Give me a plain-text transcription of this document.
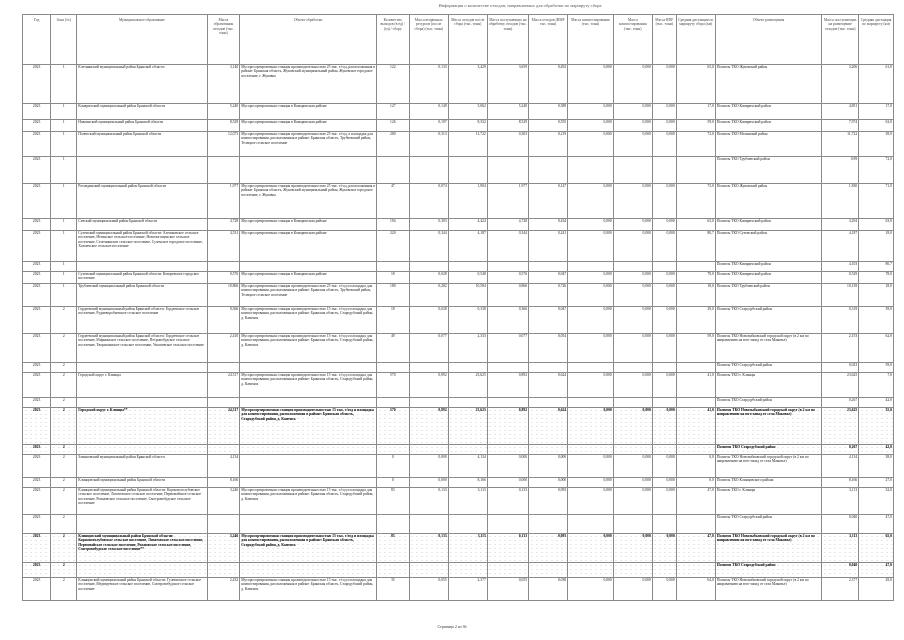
Информация о количестве отходов, направляемых для обработки по маршруту сбора
Год	Зона (№)	Муниципальное образование	Масса образования отходов (тыс. тонн)	Объект обработки	Количество выходов (в ед) / (ед) / сбору	Масса вторичных ресурсов (после сбора) (тыс. тонн)	Масса отходов после сбора (тыс. тонн)	Масса поступающих на обработку отходов (тыс. тонн)	Масса отходов (ВМР тыс. тонн)	Масса компостирования (тыс. тонн)	Масса компостирования (тыс. тонн)	Масса RDF (тыс. тонн)	Средняя дистанция по маршруту сбора (км)	Объект размещения	Масса поступающих на размещение отходов (тыс. тонн)	Средняя дистанция по маршруту (км)
2023	1	Клетнянский муниципальный район Брянской области	3,140	Мусоросортировочная станция производительностью 25 тыс. т/год, расположенная в районе: Брянская область, Жуковский муниципальный район, Жуковское городское поселение, г. Жуковка	122	0,133	3,429	3,659	0,492	0,000	0,000	0,000	65,0	Полигон ТКО Жуковский район	3,206	61,0
2023	1	Комаричский муниципальный район Брянской области	5,240	Мусоросортировочная станция в Комаричском районе	127	0,149	5,062	5,240	0,389	0,000	0,000	0,000	17,0	Полигон ТКО Комаричский район	4,851	17,0
2023	1	Навлинский муниципальный район Брянской области	8,529	Мусоросортировочная станция в Комаричском районе	126	0,197	8,332	8,529	0,555	0,000	0,000	0,000	59,0	Полигон ТКО Комаричский район	7,974	63,0
2023	1	Почепский муниципальный район Брянской области	12,073	Мусоросортировочная станция производительностью 25 тыс. т/год, а площадка для компостирования, расположенная в районе: Брянская область, Трубчевский район, Телецкое сельское поселение	200	0,313	11,722	0,303	0,219	0,000	0,000	0,000	72,0	Полигон ТКО Мглинский район	11,722	39,0
2023	1													Полигон ТКО Трубчевский район	0,99	72,0
2023	1	Рогнединский муниципальный район Брянской области	1,977	Мусоросортировочная станция производительностью 25 тыс. т/год, расположенная в районе: Брянская область, Жуковский муниципальный район, Жуковское городское поселение, г. Жуковка	47	0,074	1,904	1,977	0,147	0,000	0,000	0,000	73,0	Полигон ТКО Жуковский район	1,830	71,0
2023	1	Севский муниципальный район Брянской области	4,728	Мусоросортировочная станция в Комаричском районе	194	0,303	4,424	4,728	0,434	0,000	0,000	0,000	63,0	Полигон ТКО Комаричский район	4,294	63,0
2023	1	Суземский муниципальный район Брянской области: Алешковское сельское поселение, Негинское сельское поселение, Новопогощенское сельское поселение, Селечнянское сельское поселение, Суземское городское поселение, Холмечское сельское поселение	4,531	Мусоросортировочная станция в Комаричском районе	220	0,344	4,187	0,344	0,241	0,000	0,000	0,000	80,7	Полигон ТКО Суземский район	4,187	18,0
2023	1													Полигон ТКО Комаричский район	4,103	80,7
2023	1	Суземский муниципальный район Брянской области: Кокоревское городское поселение	0,576	Мусоросортировочная станция в Комаричском районе	18	0,028	0,548	0,576	0,047	0,000	0,000	0,000	78,0	Полигон ТКО Комаричский район	0,529	78,0
2023	1	Трубчевский муниципальный район Брянской области	10,866	Мусоросортировочная станция производительностью 25 тыс. т/год и площадка для компостирования, расположенная в районе: Брянская область, Трубчевский район, Телецкое сельское поселение	180	0,282	10,584	0,866	0,726	0,000	0,000	0,000	18,0	Полигон ТКО Трубчевский район	10,139	18,0
2023	2	Гордеевский муниципальный район Брянской области: Гордеевское сельское поселение, Рудневоробьевское сельское поселение	0,366	Мусоросортировочная станция производительностью 15 тыс. т/год и площадка для компостирования, расположенная в районе: Брянская область, Стародубский район, д. Каменск	18	0,028	0,338	0,366	0,047	0,000	0,000	0,000	29,0	Полигон ТКО Стародубский район	0,319	39,0
2023	2	Гордеевский муниципальный район Брянской области: Гордеевское сельское поселение, Мирнинское сельское поселение, Петровобудское сельское поселение, Творишинское сельское поселение, Уношевское сельское поселение	2,410	Мусоросортировочная станция производительностью 15 тыс. т/год и площадка для компостирования, расположенная в районе: Брянская область, Стародубский район, д. Каменск	49	0,077	2,333	0,077	0,054	0,000	0,000	0,000	59,0	Полигон ТКО Новозыбковский городской округ (в 2 км по направлению на юго-запад от села Маковье)	2,153	62,0
2023	2													Полигон ТКО Стародубский район	0,023	59,0
2023	2	Городской округ г. Клинцы	24,517	Мусоросортировочная станция производительностью 15 тыс. т/год и площадка для компостирования, расположенная в районе: Брянская область, Стародубский район, д. Каменск	570	0,892	23,625	0,892	0,624	0,000	0,000	0,000	41,0	Полигон ТКО г. Клинцы	23,625	7,0
2023	2													Полигон ТКО Стародубский район	0,267	42,0
2023	2	Городской округ г. Клинцы**	24,517	Мусоросортировочная станция производительностью 15 тыс. т/год и площадка для компостирования, расположенная в районе: Брянская область, Стародубский район, д. Каменск	570	0,892	23,625	0,892	0,624	0,000	0,000	0,000	41,0	Полигон ТКО Новозыбковский городской округ (в 2 км по направлению на юго-запад от села Маковье)	23,625	35,0
2023	2													Полигон ТКО Стародубский район	0,267	42,0
2023	2	Злынковский муниципальный район Брянской области	4,134		0	0,000	4,134	0,000	0,000	0,000	0,000	0,000	0,0	Полигон ТКО Новозыбковский городской округ (в 2 км по направлению на юго-запад от села Маковье)	4,134	38,0
2023	2	Клинцовский муниципальный район Брянской области	8,166		0	0,000	8,166	0,000	0,000	0,000	0,000	0,000	0,0	Полигон ТКО Клинцовского района	8,166	27,0
2023	2	Клинцовский муниципальный район Брянской области: Коржовоголубовское сельское поселение, Лопатовское сельское поселение, Первомайское сельское поселение, Рожновское сельское поселение, Смотровобудское сельское поселение	3,246	Мусоросортировочная станция производительностью 15 тыс. т/год и площадка для компостирования, расположенная в районе: Брянская область, Стародубский район, д. Каменск	83	0,133	3,113	0,133	0,093	0,000	0,000	0,000	47,0	Полигон ТКО г. Клинцы	3,113	32,0
2023	2													Полигон ТКО Стародубский район	0,040	47,0
2023	2	Клинцовский муниципальный район Брянской области: Коржовоголубовское сельское поселение, Лопатовское сельское поселение, Первомайское сельское поселение, Рожновское сельское поселение, Смотровобудское сельское поселение**	3,246	Мусоросортировочная станция производительностью 15 тыс. т/год и площадка для компостирования, расположенная в районе: Брянская область, Стародубский район, д. Каменск	83	0,133	3,113	0,133	0,093	0,000	0,000	0,000	47,0	Полигон ТКО Новозыбковский городской округ (в 2 км по направлению на юго-запад от села Маковье)	3,113	65,0
2023	2													Полигон ТКО Стародубский район	0,040	47,0
2023	2	Клинцовский муниципальный район Брянской области: Гулевичское сельское поселение, Медведевское сельское поселение, Смотровобудское сельское поселение	2,432	Мусоросортировочная станция производительностью 15 тыс. т/год и площадка для компостирования, расположенная в районе: Брянская область, Стародубский район, д. Каменск	35	0,055	2,377	0,055	0,038	0,000	0,000	0,000	64,0	Полигон ТКО Новозыбковский городской округ (в 2 км по направлению на юго-запад от села Маковье)	2,377	29,0
Страница 2 из 36
